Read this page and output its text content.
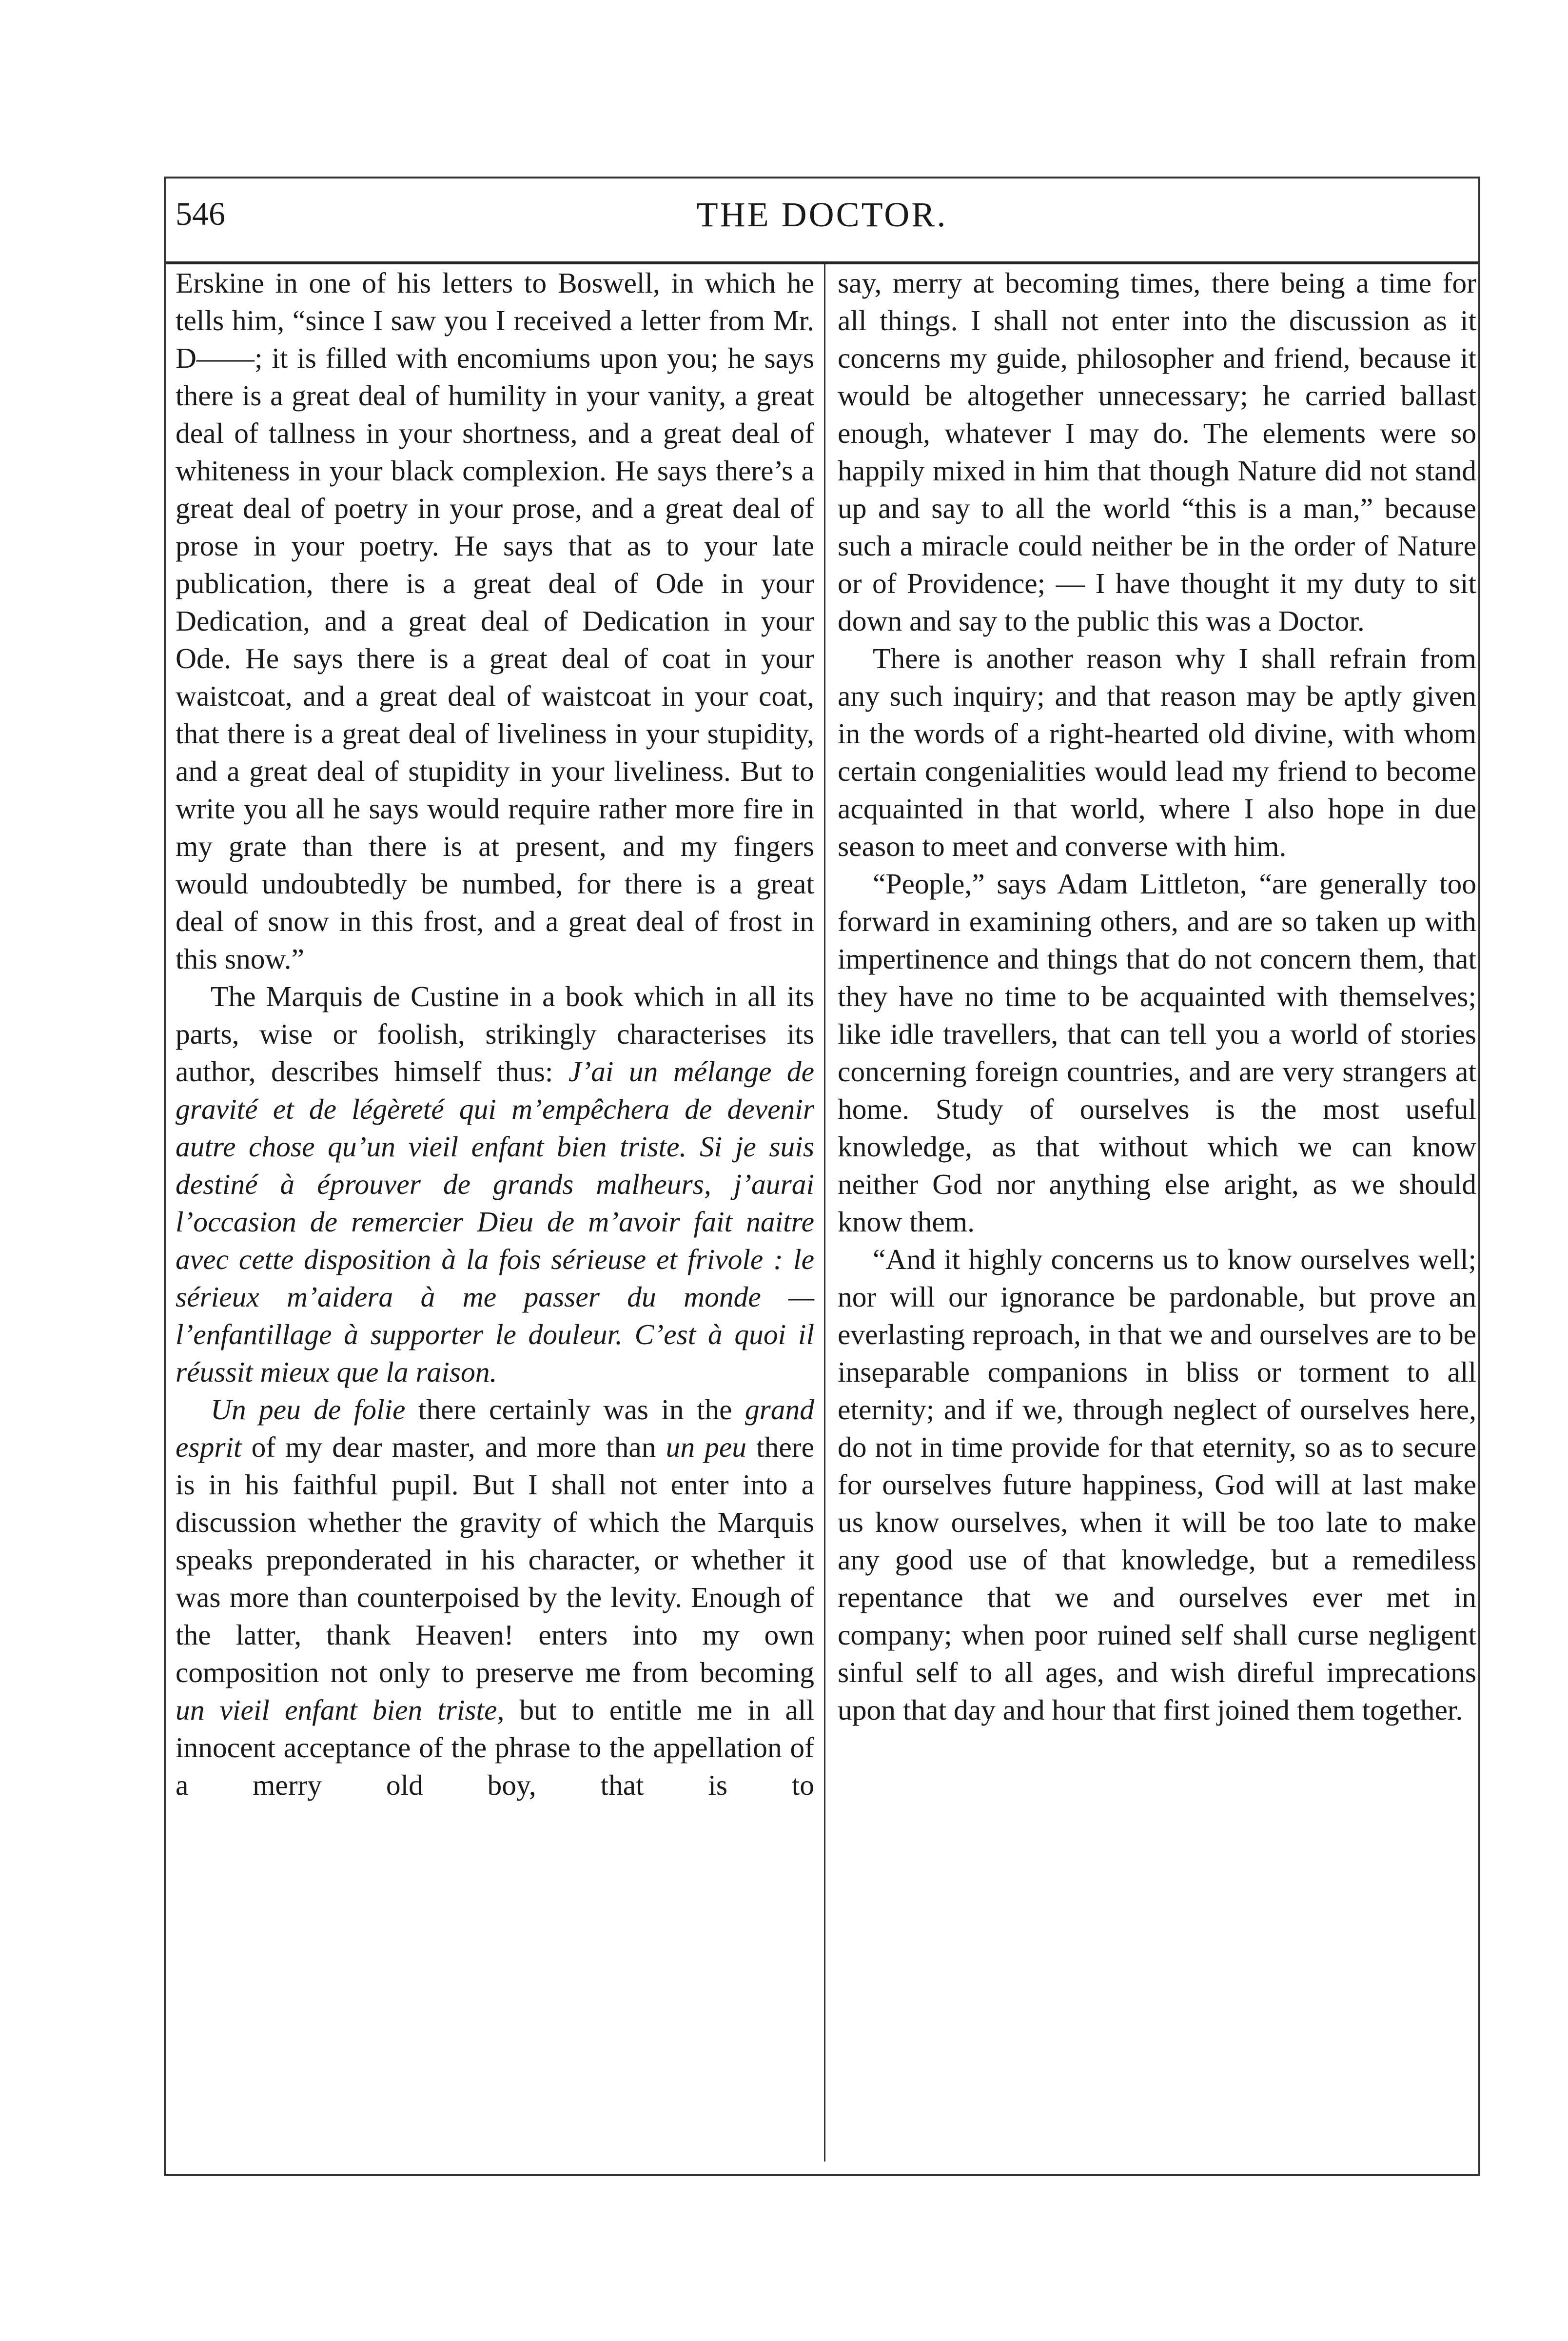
546	THE DOCTOR.

Erskine in one of his letters to Boswell, in which he tells him, “since I saw you I received a letter from Mr. D——; it is filled with encomiums upon you; he says there is a great deal of humility in your vanity, a great deal of tallness in your shortness, and a great deal of whiteness in your black complexion. He says there’s a great deal of poetry in your prose, and a great deal of prose in your poetry. He says that as to your late publication, there is a great deal of Ode in your Dedication, and a great deal of Dedication in your Ode. He says there is a great deal of coat in your waistcoat, and a great deal of waistcoat in your coat, that there is a great deal of liveliness in your stupidity, and a great deal of stupidity in your liveliness. But to write you all he says would require rather more fire in my grate than there is at present, and my fingers would undoubtedly be numbed, for there is a great deal of snow in this frost, and a great deal of frost in this snow.”

The Marquis de Custine in a book which in all its parts, wise or foolish, strikingly characterises its author, describes himself thus: J’ai un mélange de gravité et de légèreté qui m’empêchera de devenir autre chose qu’un vieil enfant bien triste. Si je suis destiné à éprouver de grands malheurs, j’aurai l’occasion de remercier Dieu de m’avoir fait naitre avec cette disposition à la fois sérieuse et frivole : le sérieux m’aidera à me passer du monde — l’enfantillage à supporter le douleur. C’est à quoi il réussit mieux que la raison.

Un peu de folie there certainly was in the grand esprit of my dear master, and more than un peu there is in his faithful pupil. But I shall not enter into a discussion whether the gravity of which the Marquis speaks preponderated in his character, or whether it was more than counterpoised by the levity. Enough of the latter, thank Heaven! enters into my own composition not only to preserve me from becoming un vieil enfant bien triste, but to entitle me in all innocent acceptance of the phrase to the appellation of a merry old boy, that is to

say, merry at becoming times, there being a time for all things. I shall not enter into the discussion as it concerns my guide, philosopher and friend, because it would be altogether unnecessary; he carried ballast enough, whatever I may do. The elements were so happily mixed in him that though Nature did not stand up and say to all the world “this is a man,” because such a miracle could neither be in the order of Nature or of Providence; — I have thought it my duty to sit down and say to the public this was a Doctor.

There is another reason why I shall refrain from any such inquiry; and that reason may be aptly given in the words of a right-hearted old divine, with whom certain congenialities would lead my friend to become acquainted in that world, where I also hope in due season to meet and converse with him.

“People,” says Adam Littleton, “are generally too forward in examining others, and are so taken up with impertinence and things that do not concern them, that they have no time to be acquainted with themselves; like idle travellers, that can tell you a world of stories concerning foreign countries, and are very strangers at home. Study of ourselves is the most useful knowledge, as that without which we can know neither God nor anything else aright, as we should know them.

“And it highly concerns us to know ourselves well; nor will our ignorance be pardonable, but prove an everlasting reproach, in that we and ourselves are to be inseparable companions in bliss or torment to all eternity; and if we, through neglect of ourselves here, do not in time provide for that eternity, so as to secure for ourselves future happiness, God will at last make us know ourselves, when it will be too late to make any good use of that knowledge, but a remediless repentance that we and ourselves ever met in company; when poor ruined self shall curse negligent sinful self to all ages, and wish direful imprecations upon that day and hour that first joined them together.
